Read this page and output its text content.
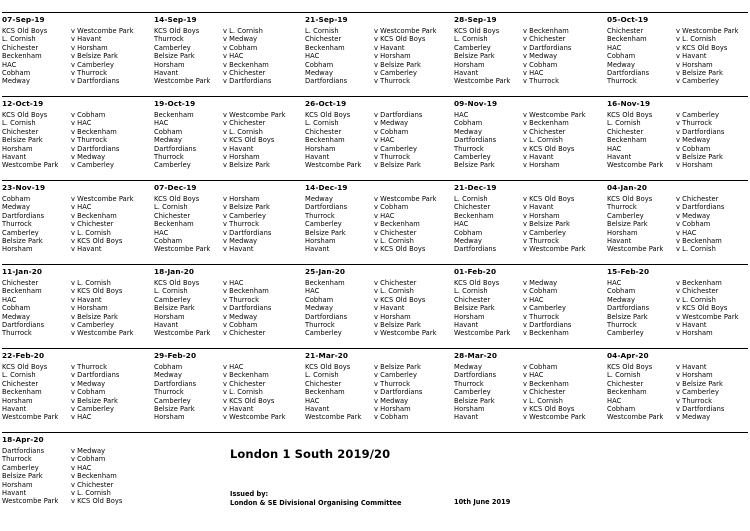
07-Sep-19
KCS Old Boys	v Westcombe Park
L. Cornish	v Havant
Chichester	v Horsham
Beckenham	v Belsize Park
HAC	v Camberley
Cobham	v Thurrock
Medway	v Dartfordians
14-Sep-19
KCS Old Boys	v L. Cornish
Thurrock	v Medway
Camberley	v Cobham
Belsize Park	v HAC
Horsham	v Beckenham
Havant	v Chichester
Westcombe Park	v Dartfordians
21-Sep-19
L. Cornish	v Westcombe Park
Chichester	v KCS Old Boys
Beckenham	v Havant
HAC	v Horsham
Cobham	v Belsize Park
Medway	v Camberley
Dartfordians	v Thurrock
28-Sep-19
KCS Old Boys	v Beckenham
L. Cornish	v Chichester
Camberley	v Dartfordians
Belsize Park	v Medway
Horsham	v Cobham
Havant	v HAC
Westcombe Park	v Thurrock
05-Oct-19
Chichester	v Westcombe Park
Beckenham	v L. Cornish
HAC	v KCS Old Boys
Cobham	v Havant
Medway	v Horsham
Dartfordians	v Belsize Park
Thurrock	v Camberley
12-Oct-19
KCS Old Boys	v Cobham
L. Cornish	v HAC
Chichester	v Beckenham
Belsize Park	v Thurrock
Horsham	v Dartfordians
Havant	v Medway
Westcombe Park	v Camberley
19-Oct-19
Beckenham	v Westcombe Park
HAC	v Chichester
Cobham	v L. Cornish
Medway	v KCS Old Boys
Dartfordians	v Havant
Thurrock	v Horsham
Camberley	v Belsize Park
26-Oct-19
KCS Old Boys	v Dartfordians
L. Cornish	v Medway
Chichester	v Cobham
Beckenham	v HAC
Horsham	v Camberley
Havant	v Thurrock
Westcombe Park	v Belsize Park
09-Nov-19
HAC	v Westcombe Park
Cobham	v Beckenham
Medway	v Chichester
Dartfordians	v L. Cornish
Thurrock	v KCS Old Boys
Camberley	v Havant
Belsize Park	v Horsham
16-Nov-19
KCS Old Boys	v Camberley
L. Cornish	v Thurrock
Chichester	v Dartfordians
Beckenham	v Medway
HAC	v Cobham
Havant	v Belsize Park
Westcombe Park	v Horsham
23-Nov-19
Cobham	v Westcombe Park
Medway	v HAC
Dartfordians	v Beckenham
Thurrock	v Chichester
Camberley	v L. Cornish
Belsize Park	v KCS Old Boys
Horsham	v Havant
07-Dec-19
KCS Old Boys	v Horsham
L. Cornish	v Belsize Park
Chichester	v Camberley
Beckenham	v Thurrock
HAC	v Dartfordians
Cobham	v Medway
Westcombe Park	v Havant
14-Dec-19
Medway	v Westcombe Park
Dartfordians	v Cobham
Thurrock	v HAC
Camberley	v Beckenham
Belsize Park	v Chichester
Horsham	v L. Cornish
Havant	v KCS Old Boys
21-Dec-19
L. Cornish	v KCS Old Boys
Chichester	v Havant
Beckenham	v Horsham
HAC	v Belsize Park
Cobham	v Camberley
Medway	v Thurrock
Dartfordians	v Westcombe Park
04-Jan-20
KCS Old Boys	v Chichester
Thurrock	v Dartfordians
Camberley	v Medway
Belsize Park	v Cobham
Horsham	v HAC
Havant	v Beckenham
Westcombe Park	v L. Cornish
11-Jan-20
Chichester	v L. Cornish
Beckenham	v KCS Old Boys
HAC	v Havant
Cobham	v Horsham
Medway	v Belsize Park
Dartfordians	v Camberley
Thurrock	v Westcombe Park
18-Jan-20
KCS Old Boys	v HAC
L. Cornish	v Beckenham
Camberley	v Thurrock
Belsize Park	v Dartfordians
Horsham	v Medway
Havant	v Cobham
Westcombe Park	v Chichester
25-Jan-20
Beckenham	v Chichester
HAC	v L. Cornish
Cobham	v KCS Old Boys
Medway	v Havant
Dartfordians	v Horsham
Thurrock	v Belsize Park
Camberley	v Westcombe Park
01-Feb-20
KCS Old Boys	v Medway
L. Cornish	v Cobham
Chichester	v HAC
Belsize Park	v Camberley
Horsham	v Thurrock
Havant	v Dartfordians
Westcombe Park	v Beckenham
15-Feb-20
HAC	v Beckenham
Cobham	v Chichester
Medway	v L. Cornish
Dartfordians	v KCS Old Boys
Belsize Park	v Westcombe Park
Thurrock	v Havant
Camberley	v Horsham
22-Feb-20
KCS Old Boys	v Thurrock
L. Cornish	v Dartfordians
Chichester	v Medway
Beckenham	v Cobham
Horsham	v Belsize Park
Havant	v Camberley
Westcombe Park	v HAC
29-Feb-20
Cobham	v HAC
Medway	v Beckenham
Dartfordians	v Chichester
Thurrock	v L. Cornish
Camberley	v KCS Old Boys
Belsize Park	v Havant
Horsham	v Westcombe Park
21-Mar-20
KCS Old Boys	v Belsize Park
L. Cornish	v Camberley
Chichester	v Thurrock
Beckenham	v Dartfordians
HAC	v Medway
Havant	v Horsham
Westcombe Park	v Cobham
28-Mar-20
Medway	v Cobham
Dartfordians	v HAC
Thurrock	v Beckenham
Camberley	v Chichester
Belsize Park	v L. Cornish
Horsham	v KCS Old Boys
Havant	v Westcombe Park
04-Apr-20
KCS Old Boys	v Havant
L. Cornish	v Horsham
Chichester	v Belsize Park
Beckenham	v Camberley
HAC	v Thurrock
Cobham	v Dartfordians
Westcombe Park	v Medway
18-Apr-20
Dartfordians	v Medway
Thurrock	v Cobham
Camberley	v HAC
Belsize Park	v Beckenham
Horsham	v Chichester
Havant	v L. Cornish
Westcombe Park	v KCS Old Boys
London 1 South 2019/20
Issued by:
London & SE Divisional Organising Committee	10th June 2019
